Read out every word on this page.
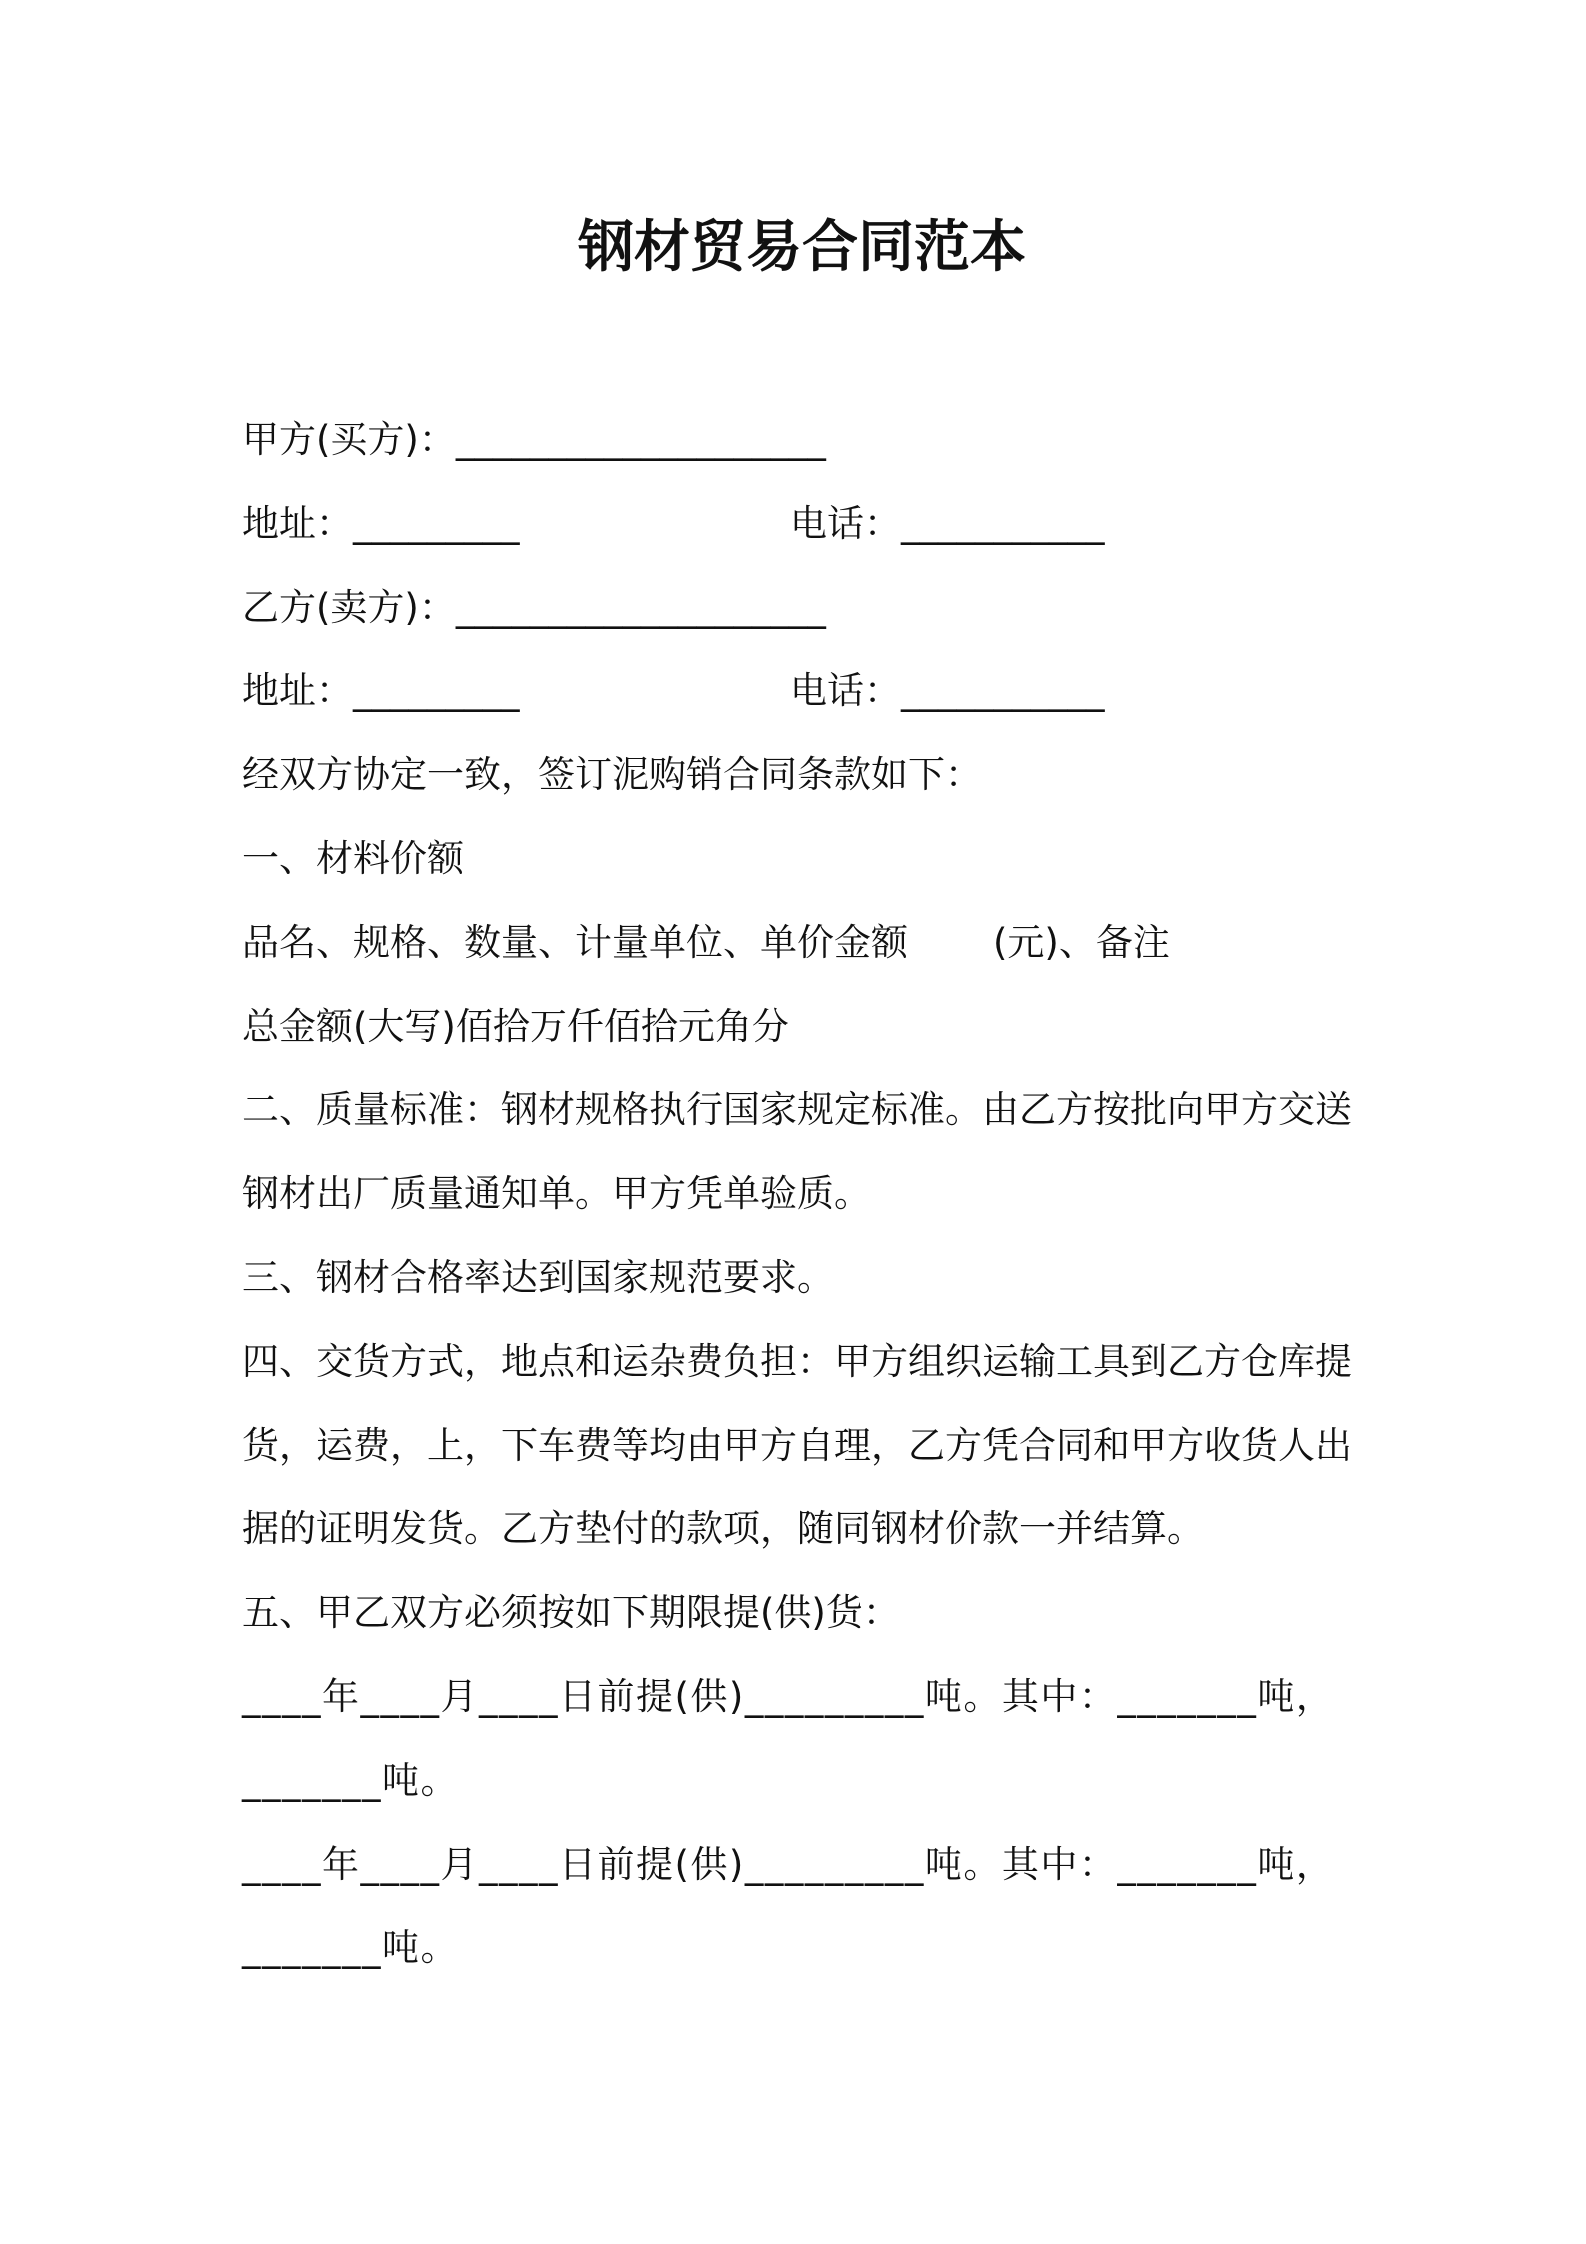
钢材贸易合同范本
甲方(买方)：____________________
地址：_________	电话：___________
乙方(卖方)：____________________
地址：_________	电话：___________
经双方协定一致，签订泥购销合同条款如下：
一、材料价额
品名、规格、数量、计量单位、单价金额 (元)、备注
总金额(大写)佰拾万仟佰拾元角分
二、质量标准：钢材规格执行国家规定标准。由乙方按批向甲方交送
钢材出厂质量通知单。甲方凭单验质。
三、钢材合格率达到国家规范要求。
四、交货方式，地点和运杂费负担：甲方组织运输工具到乙方仓库提
货，运费，上，下车费等均由甲方自理，乙方凭合同和甲方收货人出
据的证明发货。乙方垫付的款项，随同钢材价款一并结算。
五、甲乙双方必须按如下期限提(供)货：
____年____月____日前提(供)_________吨。其中：_______吨，
_______吨。
____年____月____日前提(供)_________吨。其中：_______吨，
_______吨。
